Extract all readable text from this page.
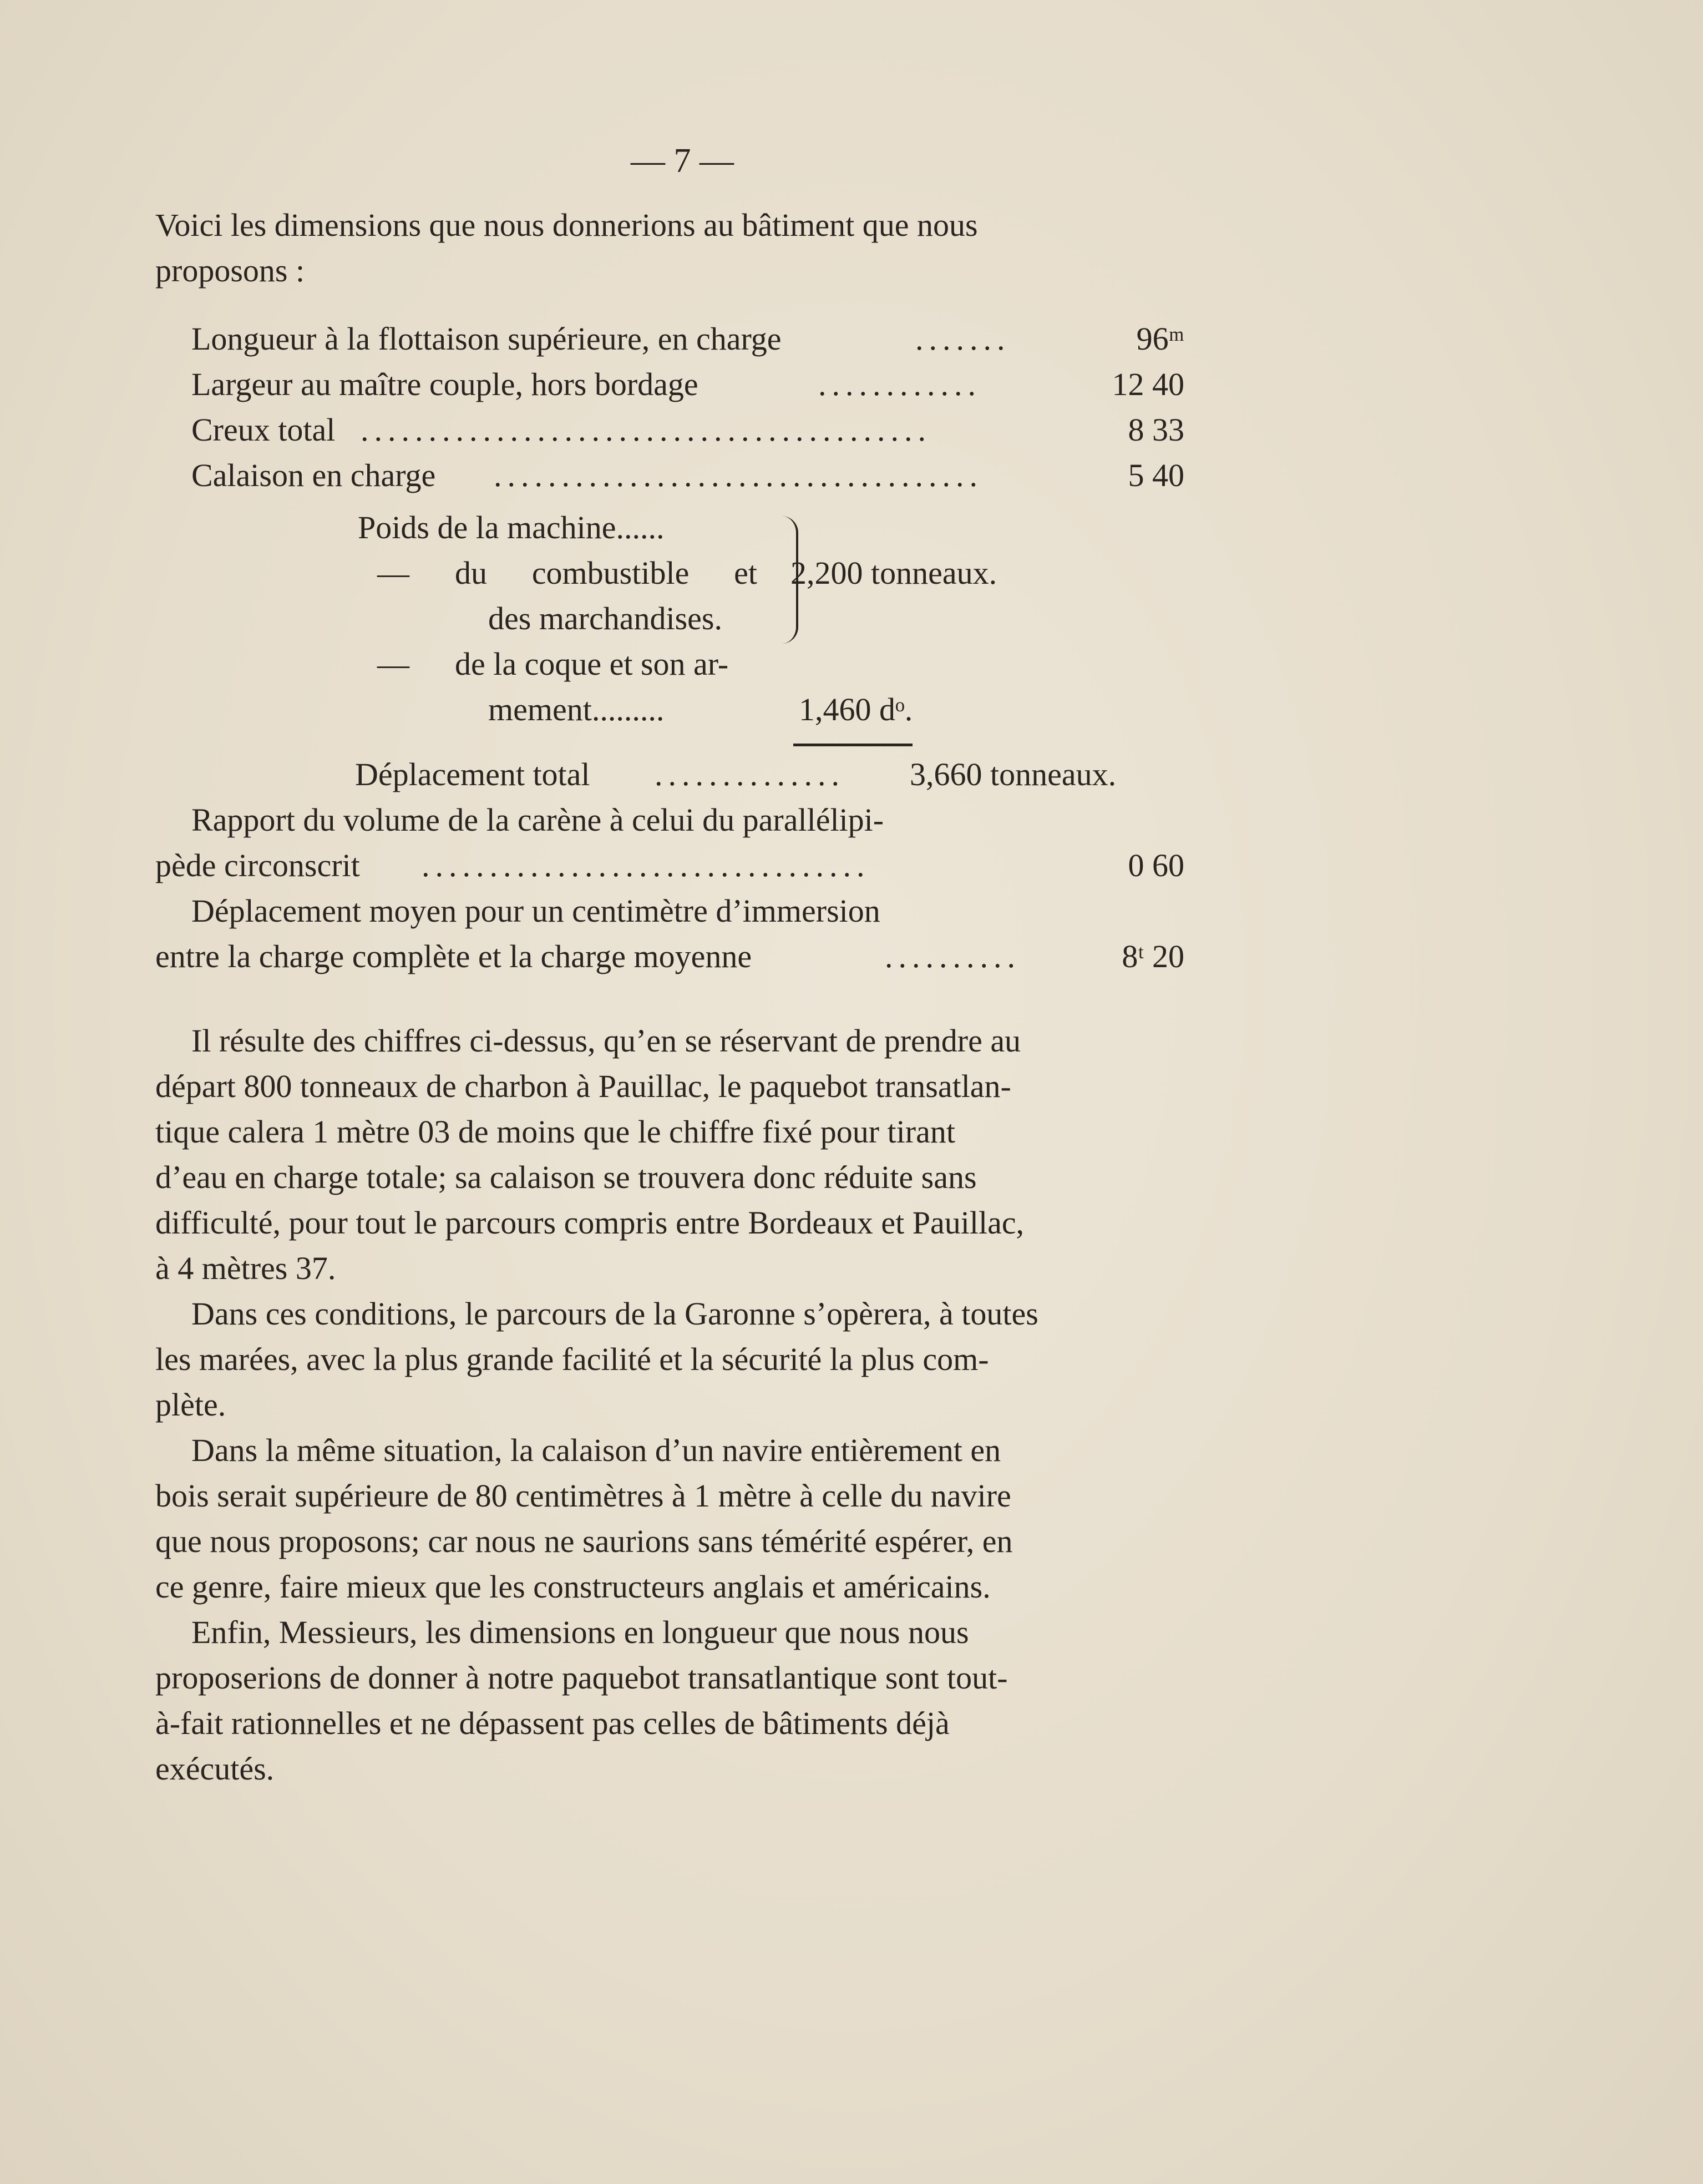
— 7 —
Voici les dimensions que nous donnerions au bâtiment que nous
proposons :
Longueur à la flottaison supérieure, en charge	.......	96ᵐ
Largeur au maître couple, hors bordage	............	12 40
Creux total ..........................................	8 33
Calaison en charge ....................................	5 40
Poids de la machine......
— du combustible et
des marchandises.
2,200 tonneaux.
— de la coque et son ar-
mement.........	1,460 dᵒ.
Déplacement total .............. 3,660 tonneaux.
Rapport du volume de la carène à celui du parallélipi-
pède circonscrit .................................	0 60
Déplacement moyen pour un centimètre d’immersion
entre la charge complète et la charge moyenne	..........	8ᵗ 20
Il résulte des chiffres ci-dessus, qu’en se réservant de prendre au
départ 800 tonneaux de charbon à Pauillac, le paquebot transatlan-
tique calera 1 mètre 03 de moins que le chiffre fixé pour tirant
d’eau en charge totale; sa calaison se trouvera donc réduite sans
difficulté, pour tout le parcours compris entre Bordeaux et Pauillac,
à 4 mètres 37.
Dans ces conditions, le parcours de la Garonne s’opèrera, à toutes
les marées, avec la plus grande facilité et la sécurité la plus com-
plète.
Dans la même situation, la calaison d’un navire entièrement en
bois serait supérieure de 80 centimètres à 1 mètre à celle du navire
que nous proposons; car nous ne saurions sans témérité espérer, en
ce genre, faire mieux que les constructeurs anglais et américains.
Enfin, Messieurs, les dimensions en longueur que nous nous
proposerions de donner à notre paquebot transatlantique sont tout-
à-fait rationnelles et ne dépassent pas celles de bâtiments déjà
exécutés.
